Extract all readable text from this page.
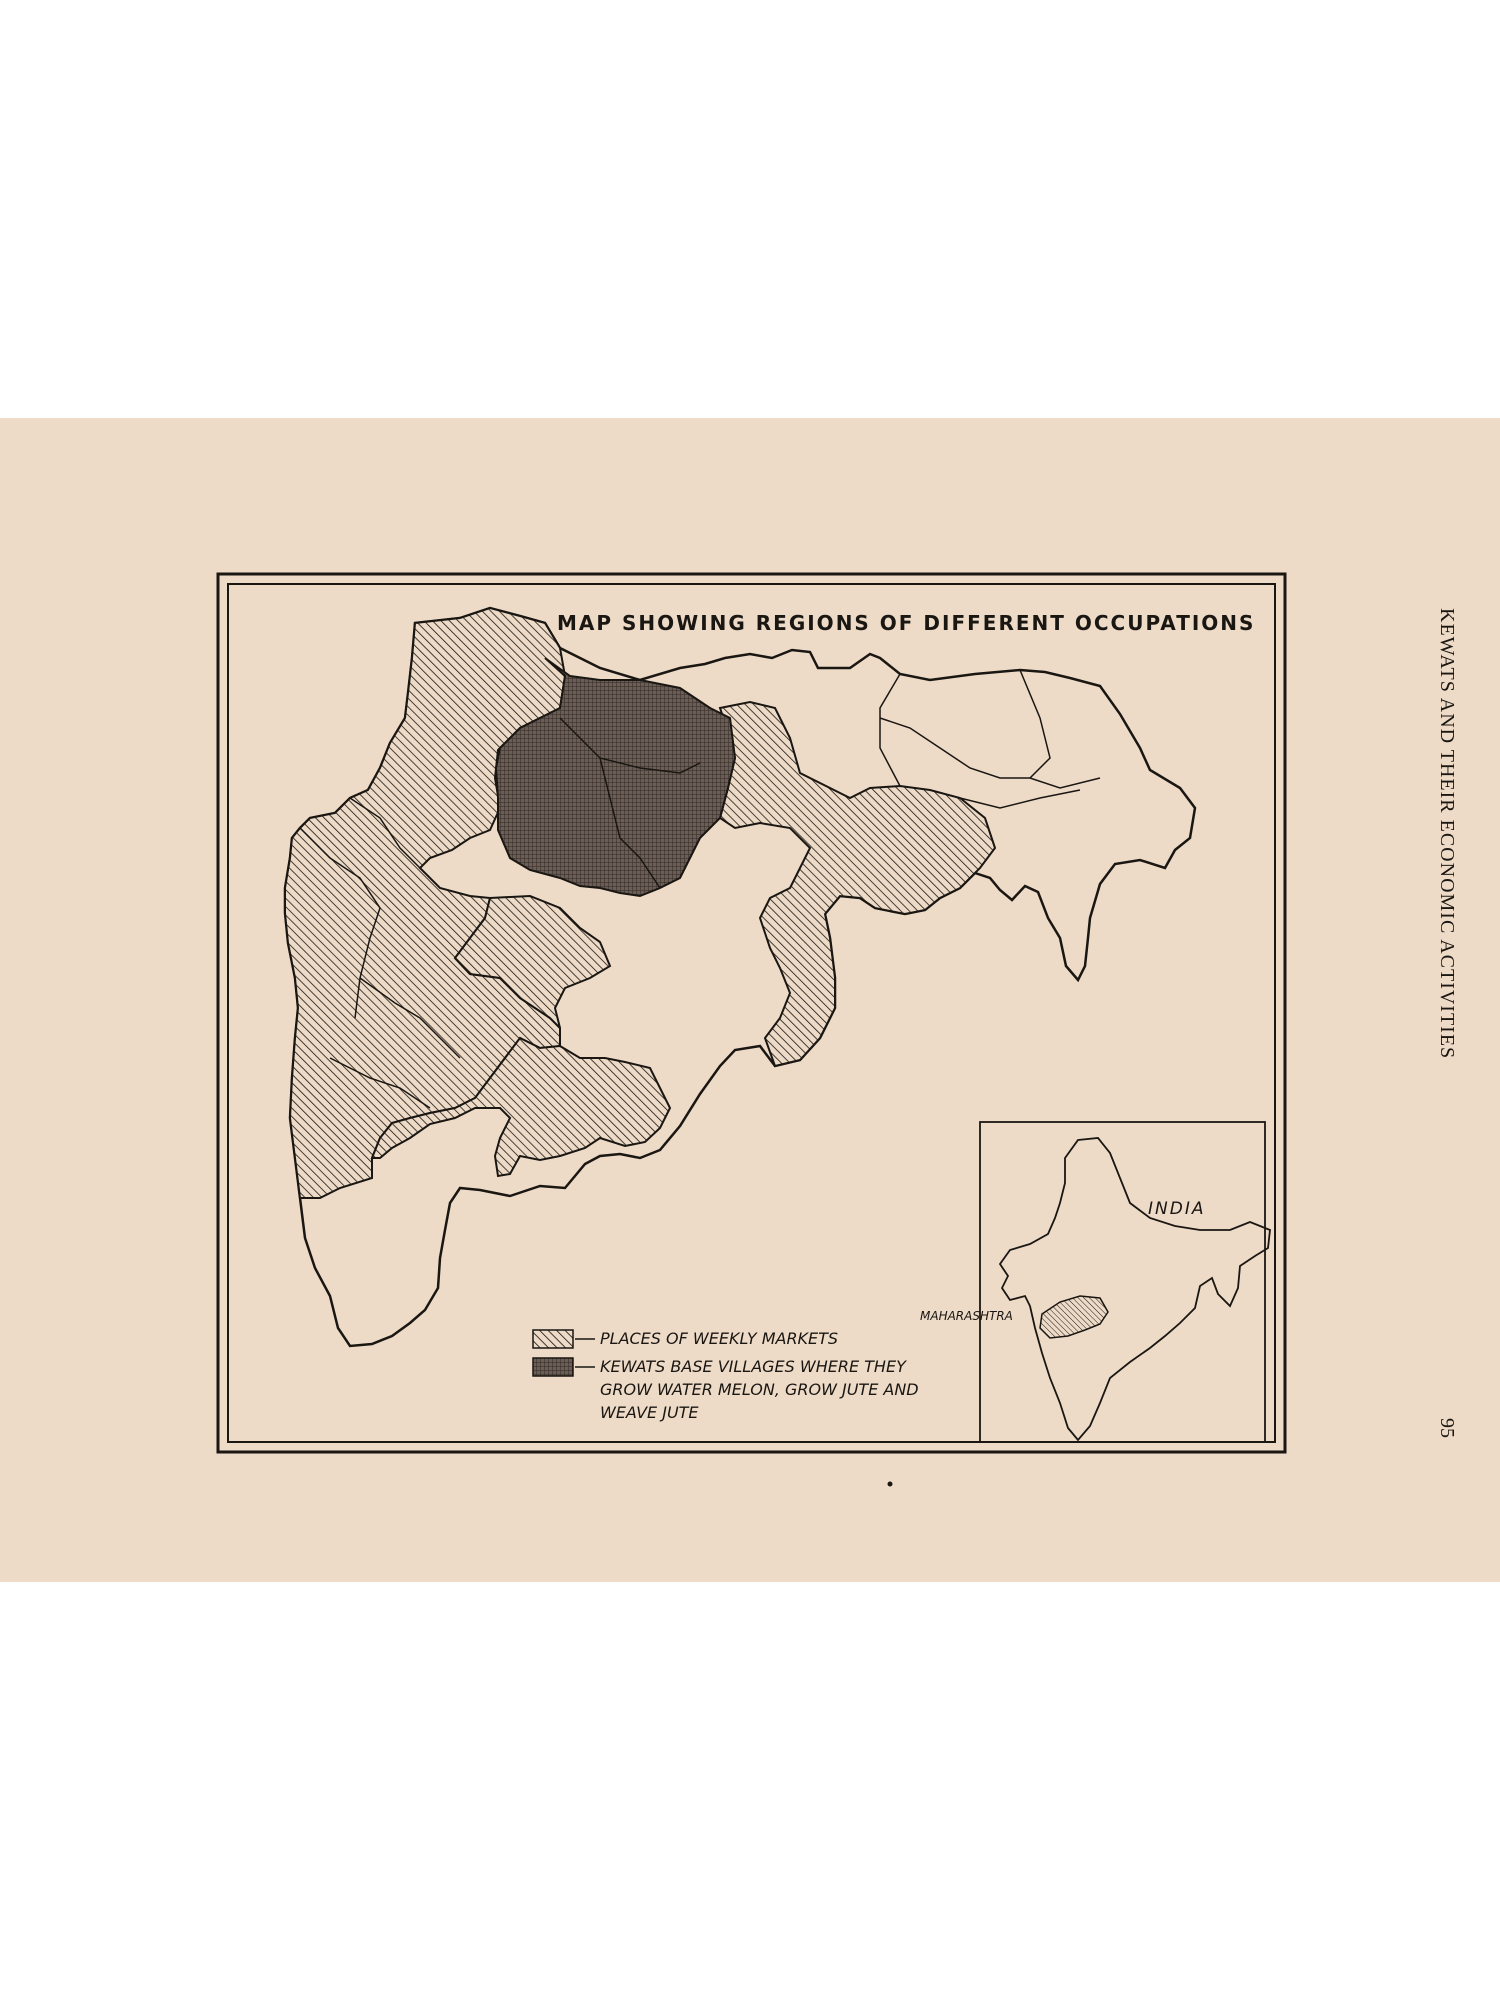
MAP SHOWING REGIONS OF DIFFERENT OCCUPATIONS
INDIA
MAHARASHTRA
PLACES OF WEEKLY MARKETS
KEWATS BASE VILLAGES WHERE THEY
GROW WATER MELON, GROW JUTE AND
WEAVE JUTE
KEWATS AND THEIR ECONOMIC ACTIVITIES
95
